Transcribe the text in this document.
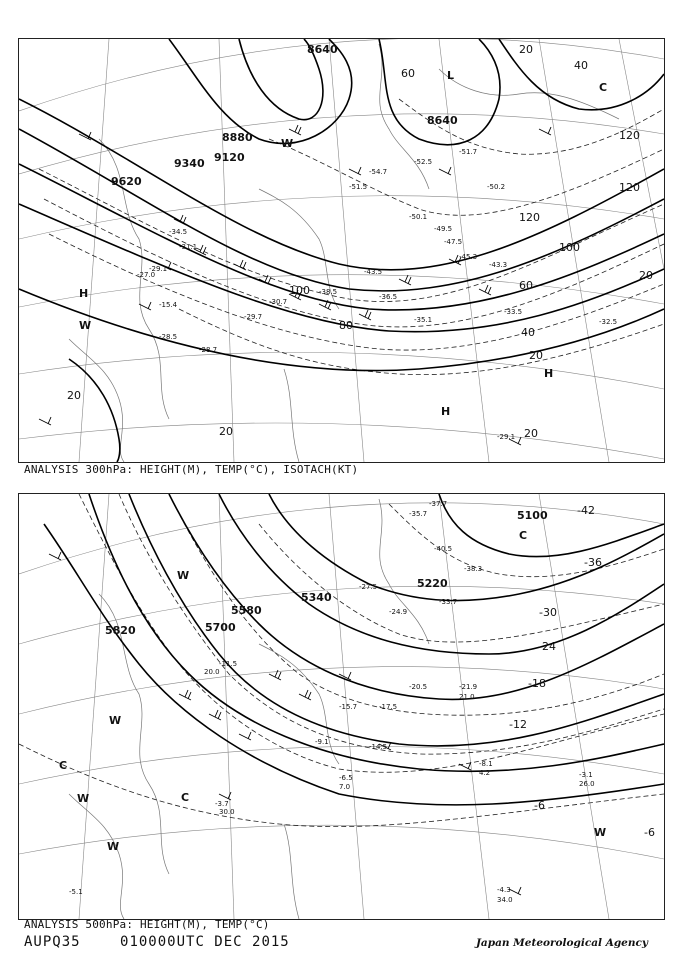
8640
8640
8880
9120
9340
9620
20
40
60
60
80
100
100
120
120
120
20
40
20
20	20
20
-54.7
-52.5
-51.5
-51.7
-50.1
-50.2
-49.5
-47.5
-45.3
-43.5
-43.3
-38.5
-36.5
-35.1
-34.5
-33.5
-32.5
-31.1
-30.7
-29.7
-29.1
-28.7
-28.5
-27.0
-15.4
-29.1
H
H
H
W
W
L
C
ANALYSIS 300hPa: HEIGHT(M), TEMP(°C), ISOTACH(KT)
5100
5220
5340
5580
5700
5820
-42
-36
-30
-24
-18
-12
-6
-6
-37.7
-35.7
-40.5
-38.3
-33.7
-27.5
-24.9
-21.9
-20.5
-17.5
-15.7
-14.5
-11.5
-9.1
-8.1
-6.5
-5.1	-4.3
-3.7
-3.1
34.0
26.0
21.0
20.0
4.2
7.0
30.0
W
W
W
W
W
C
C
C
ANALYSIS 500hPa: HEIGHT(M), TEMP(°C)
AUPQ35	010000UTC DEC 2015	Japan Meteorological Agency
